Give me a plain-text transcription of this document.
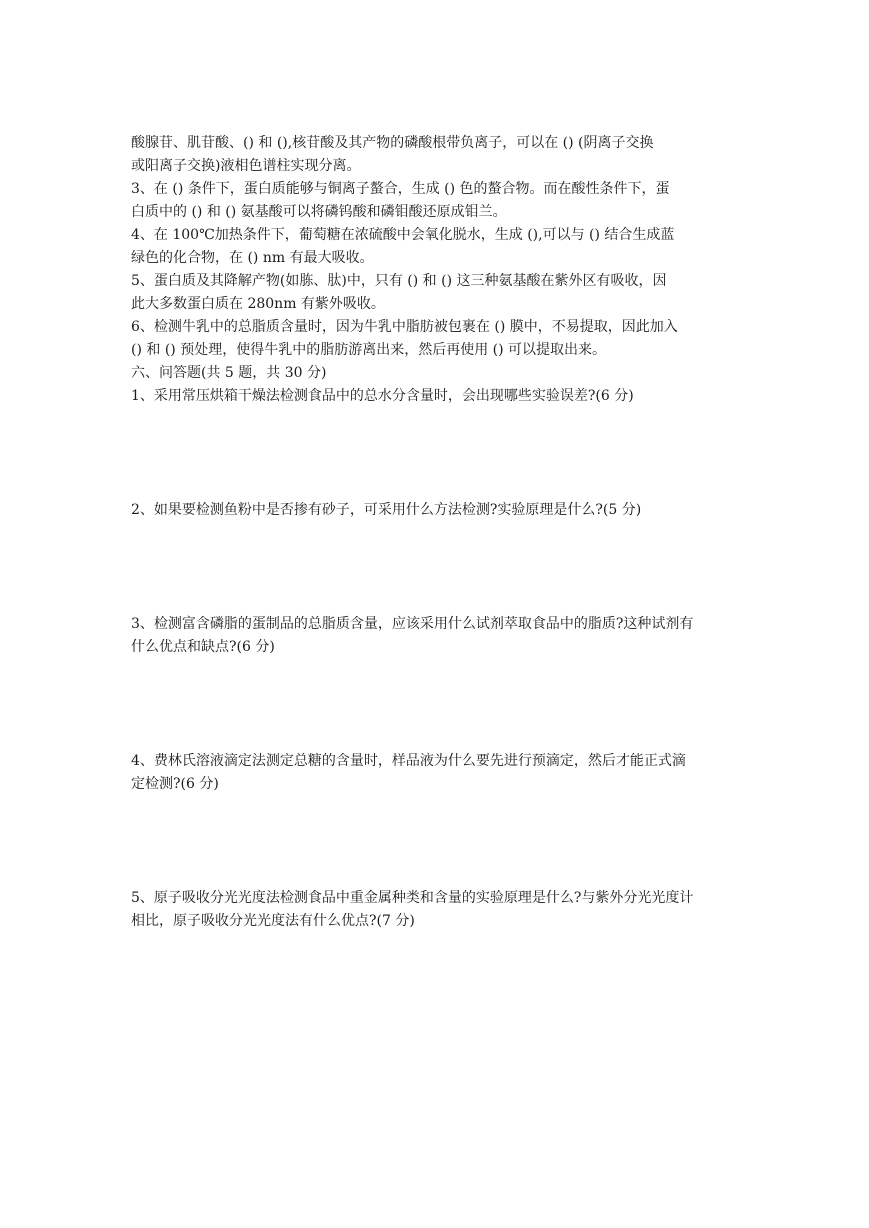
酸腺苷、肌苷酸、() 和 (),核苷酸及其产物的磷酸根带负离子，可以在 () (阴离子交换
或阳离子交换)液相色谱柱实现分离。
3、在 () 条件下，蛋白质能够与铜离子螯合，生成 () 色的螯合物。而在酸性条件下，蛋
白质中的 () 和 () 氨基酸可以将磷钨酸和磷钼酸还原成钼兰。
4、在 100℃加热条件下，葡萄糖在浓硫酸中会氧化脱水，生成 (),可以与 () 结合生成蓝
绿色的化合物，在 () nm 有最大吸收。
5、蛋白质及其降解产物(如胨、肽)中，只有 () 和 () 这三种氨基酸在紫外区有吸收，因
此大多数蛋白质在 280nm 有紫外吸收。
6、检测牛乳中的总脂质含量时，因为牛乳中脂肪被包裹在 () 膜中，不易提取，因此加入
() 和 () 预处理，使得牛乳中的脂肪游离出来，然后再使用 () 可以提取出来。
六、问答题(共 5 题，共 30 分)
1、采用常压烘箱干燥法检测食品中的总水分含量时，会出现哪些实验误差?(6 分)
2、如果要检测鱼粉中是否掺有砂子，可采用什么方法检测?实验原理是什么?(5 分)
3、检测富含磷脂的蛋制品的总脂质含量，应该采用什么试剂萃取食品中的脂质?这种试剂有
什么优点和缺点?(6 分)
4、费林氏溶液滴定法测定总糖的含量时，样品液为什么要先进行预滴定，然后才能正式滴
定检测?(6 分)
5、原子吸收分光光度法检测食品中重金属种类和含量的实验原理是什么?与紫外分光光度计
相比，原子吸收分光光度法有什么优点?(7 分)
